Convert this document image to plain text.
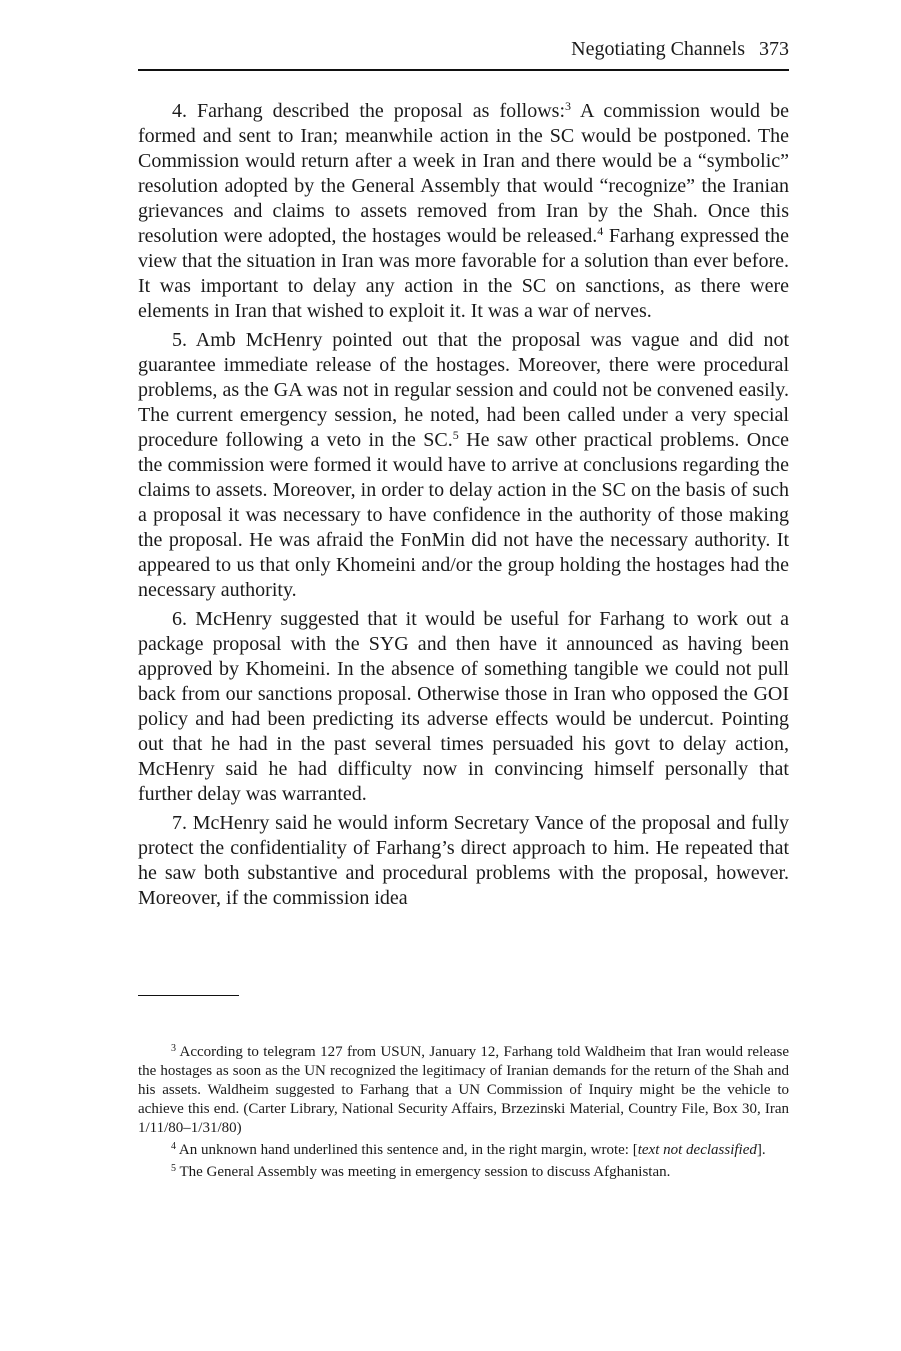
Negotiating Channels 373

4. Farhang described the proposal as follows:$^3$ A commission would be formed and sent to Iran; meanwhile action in the SC would be postponed. The Commission would return after a week in Iran and there would be a “symbolic” resolution adopted by the General Assembly that would “recognize” the Iranian grievances and claims to assets removed from Iran by the Shah. Once this resolution were adopted, the hostages would be released.$^4$ Farhang expressed the view that the situation in Iran was more favorable for a solution than ever before. It was important to delay any action in the SC on sanctions, as there were elements in Iran that wished to exploit it. It was a war of nerves.

5. Amb McHenry pointed out that the proposal was vague and did not guarantee immediate release of the hostages. Moreover, there were procedural problems, as the GA was not in regular session and could not be convened easily. The current emergency session, he noted, had been called under a very special procedure following a veto in the SC.$^5$ He saw other practical problems. Once the commission were formed it would have to arrive at conclusions regarding the claims to assets. Moreover, in order to delay action in the SC on the basis of such a proposal it was necessary to have confidence in the authority of those making the proposal. He was afraid the FonMin did not have the necessary authority. It appeared to us that only Khomeini and/or the group holding the hostages had the necessary authority.

6. McHenry suggested that it would be useful for Farhang to work out a package proposal with the SYG and then have it announced as having been approved by Khomeini. In the absence of something tangible we could not pull back from our sanctions proposal. Otherwise those in Iran who opposed the GOI policy and had been predicting its adverse effects would be undercut. Pointing out that he had in the past several times persuaded his govt to delay action, McHenry said he had difficulty now in convincing himself personally that further delay was warranted.

7. McHenry said he would inform Secretary Vance of the proposal and fully protect the confidentiality of Farhang’s direct approach to him. He repeated that he saw both substantive and procedural problems with the proposal, however. Moreover, if the commission idea

$^3$ According to telegram 127 from USUN, January 12, Farhang told Waldheim that Iran would release the hostages as soon as the UN recognized the legitimacy of Iranian demands for the return of the Shah and his assets. Waldheim suggested to Farhang that a UN Commission of Inquiry might be the vehicle to achieve this end. (Carter Library, National Security Affairs, Brzezinski Material, Country File, Box 30, Iran 1/11/80–1/31/80)

$^4$ An unknown hand underlined this sentence and, in the right margin, wrote: [text not declassified].

$^5$ The General Assembly was meeting in emergency session to discuss Afghanistan.
